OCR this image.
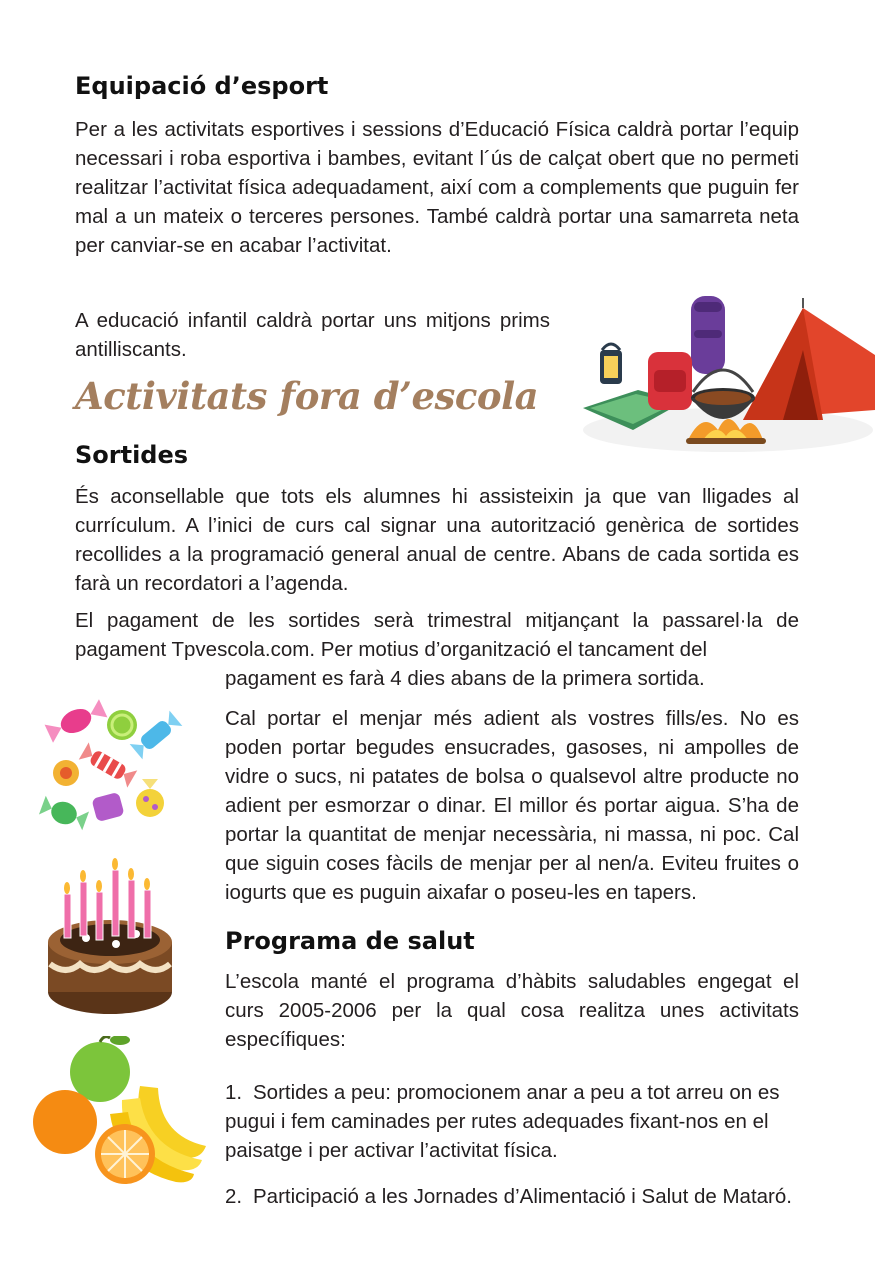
Equipació d’esport

Per a les activitats esportives i sessions d’Educació Física caldrà portar l’equip necessari i roba esportiva i bambes, evitant l´ús de calçat obert que no permeti realitzar l’activitat física adequadament, així com a complements que puguin fer mal a un mateix o terceres persones. També caldrà portar una samarreta neta per canviar-se en acabar l’activitat.

A educació infantil caldrà portar uns mitjons prims antilliscants.

Activitats fora d’escola
Sortides

És aconsellable que tots els alumnes hi assisteixin ja que van lligades al currículum. A l’inici de curs cal signar una autorització genèrica de sortides recollides a la programació general anual de centre. Abans de cada sortida es farà un recordatori a l’agenda.

El pagament de les sortides serà trimestral mitjançant la passarel·la de pagament Tpvescola.com. Per motius d’organització el tancament del

pagament es farà 4 dies abans de la primera sortida.

Cal portar el menjar més adient als vostres fills/es. No es poden portar begudes ensucrades, gasoses, ni ampolles de vidre o sucs, ni patates de bolsa o qualsevol altre producte no adient per esmorzar o dinar. El millor és portar aigua. S’ha de portar la quantitat de menjar necessària, ni massa, ni poc. Cal que siguin coses fàcils de menjar per al nen/a. Eviteu fruites o iogurts que es puguin aixafar o poseu-les en tapers.

Programa de salut

L’escola manté el programa d’hàbits saludables engegat el curs 2005-2006 per la qual cosa realitza unes activitats específiques:

1. Sortides a peu: promocionem anar a peu a tot arreu on es pugui i fem caminades per rutes adequades fixant-nos en el paisatge i per activar l’activitat física.

2. Participació a les Jornades d’Alimentació i Salut de Mataró.
